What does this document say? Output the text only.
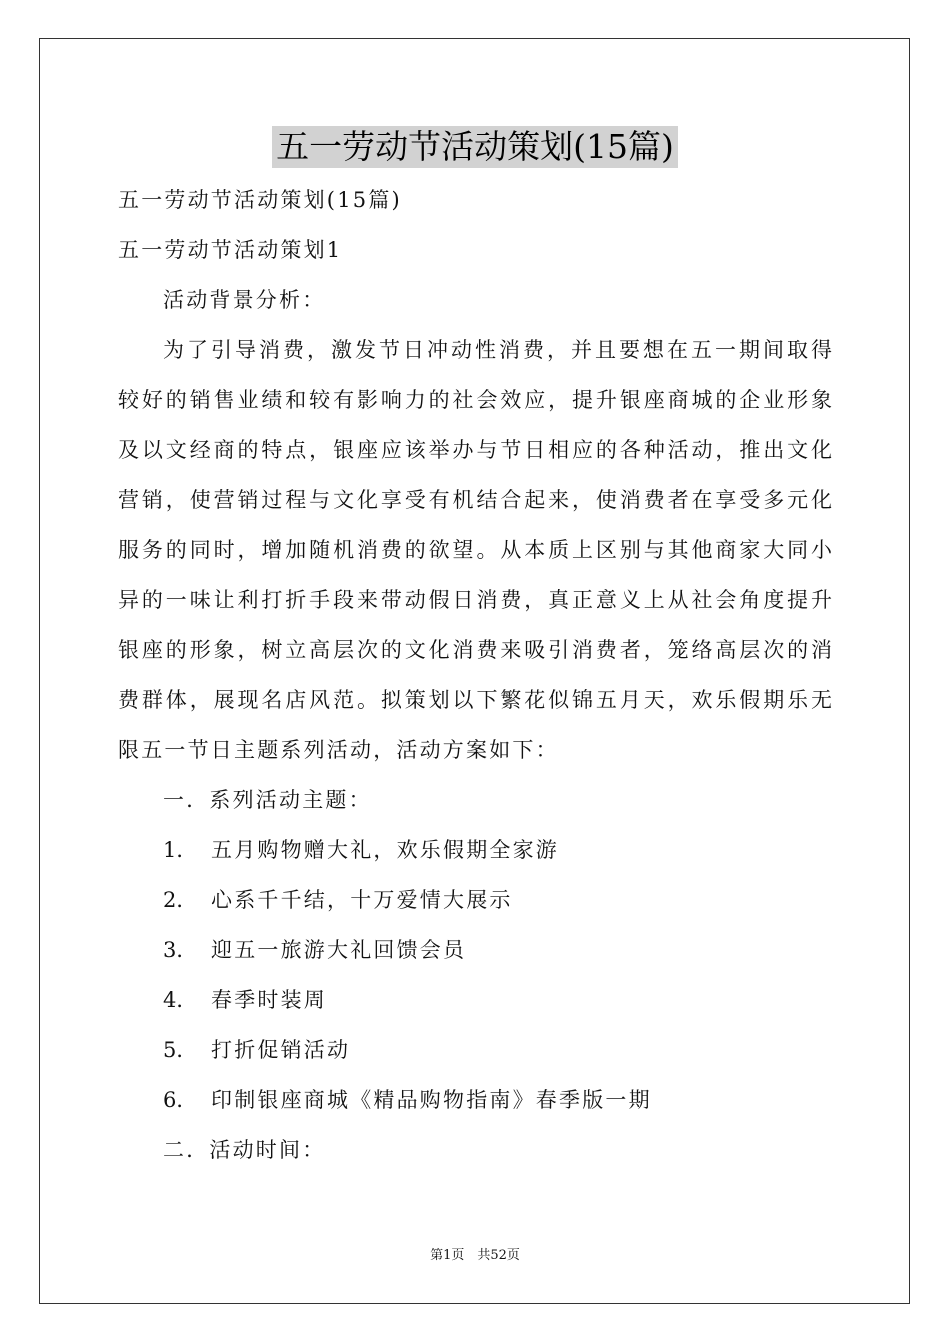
五一劳动节活动策划(15篇)
五一劳动节活动策划(15篇)
五一劳动节活动策划1
活动背景分析：
为了引导消费，激发节日冲动性消费，并且要想在五一期间取得
较好的销售业绩和较有影响力的社会效应，提升银座商城的企业形象
及以文经商的特点，银座应该举办与节日相应的各种活动，推出文化
营销，使营销过程与文化享受有机结合起来，使消费者在享受多元化
服务的同时，增加随机消费的欲望。从本质上区别与其他商家大同小
异的一味让利打折手段来带动假日消费，真正意义上从社会角度提升
银座的形象，树立高层次的文化消费来吸引消费者，笼络高层次的消
费群体，展现名店风范。拟策划以下繁花似锦五月天，欢乐假期乐无
限五一节日主题系列活动，活动方案如下：
一．系列活动主题：
1． 五月购物赠大礼，欢乐假期全家游
2． 心系千千结，十万爱情大展示
3． 迎五一旅游大礼回馈会员
4． 春季时装周
5． 打折促销活动
6． 印制银座商城《精品购物指南》春季版一期
二．活动时间：
第1页　共52页
